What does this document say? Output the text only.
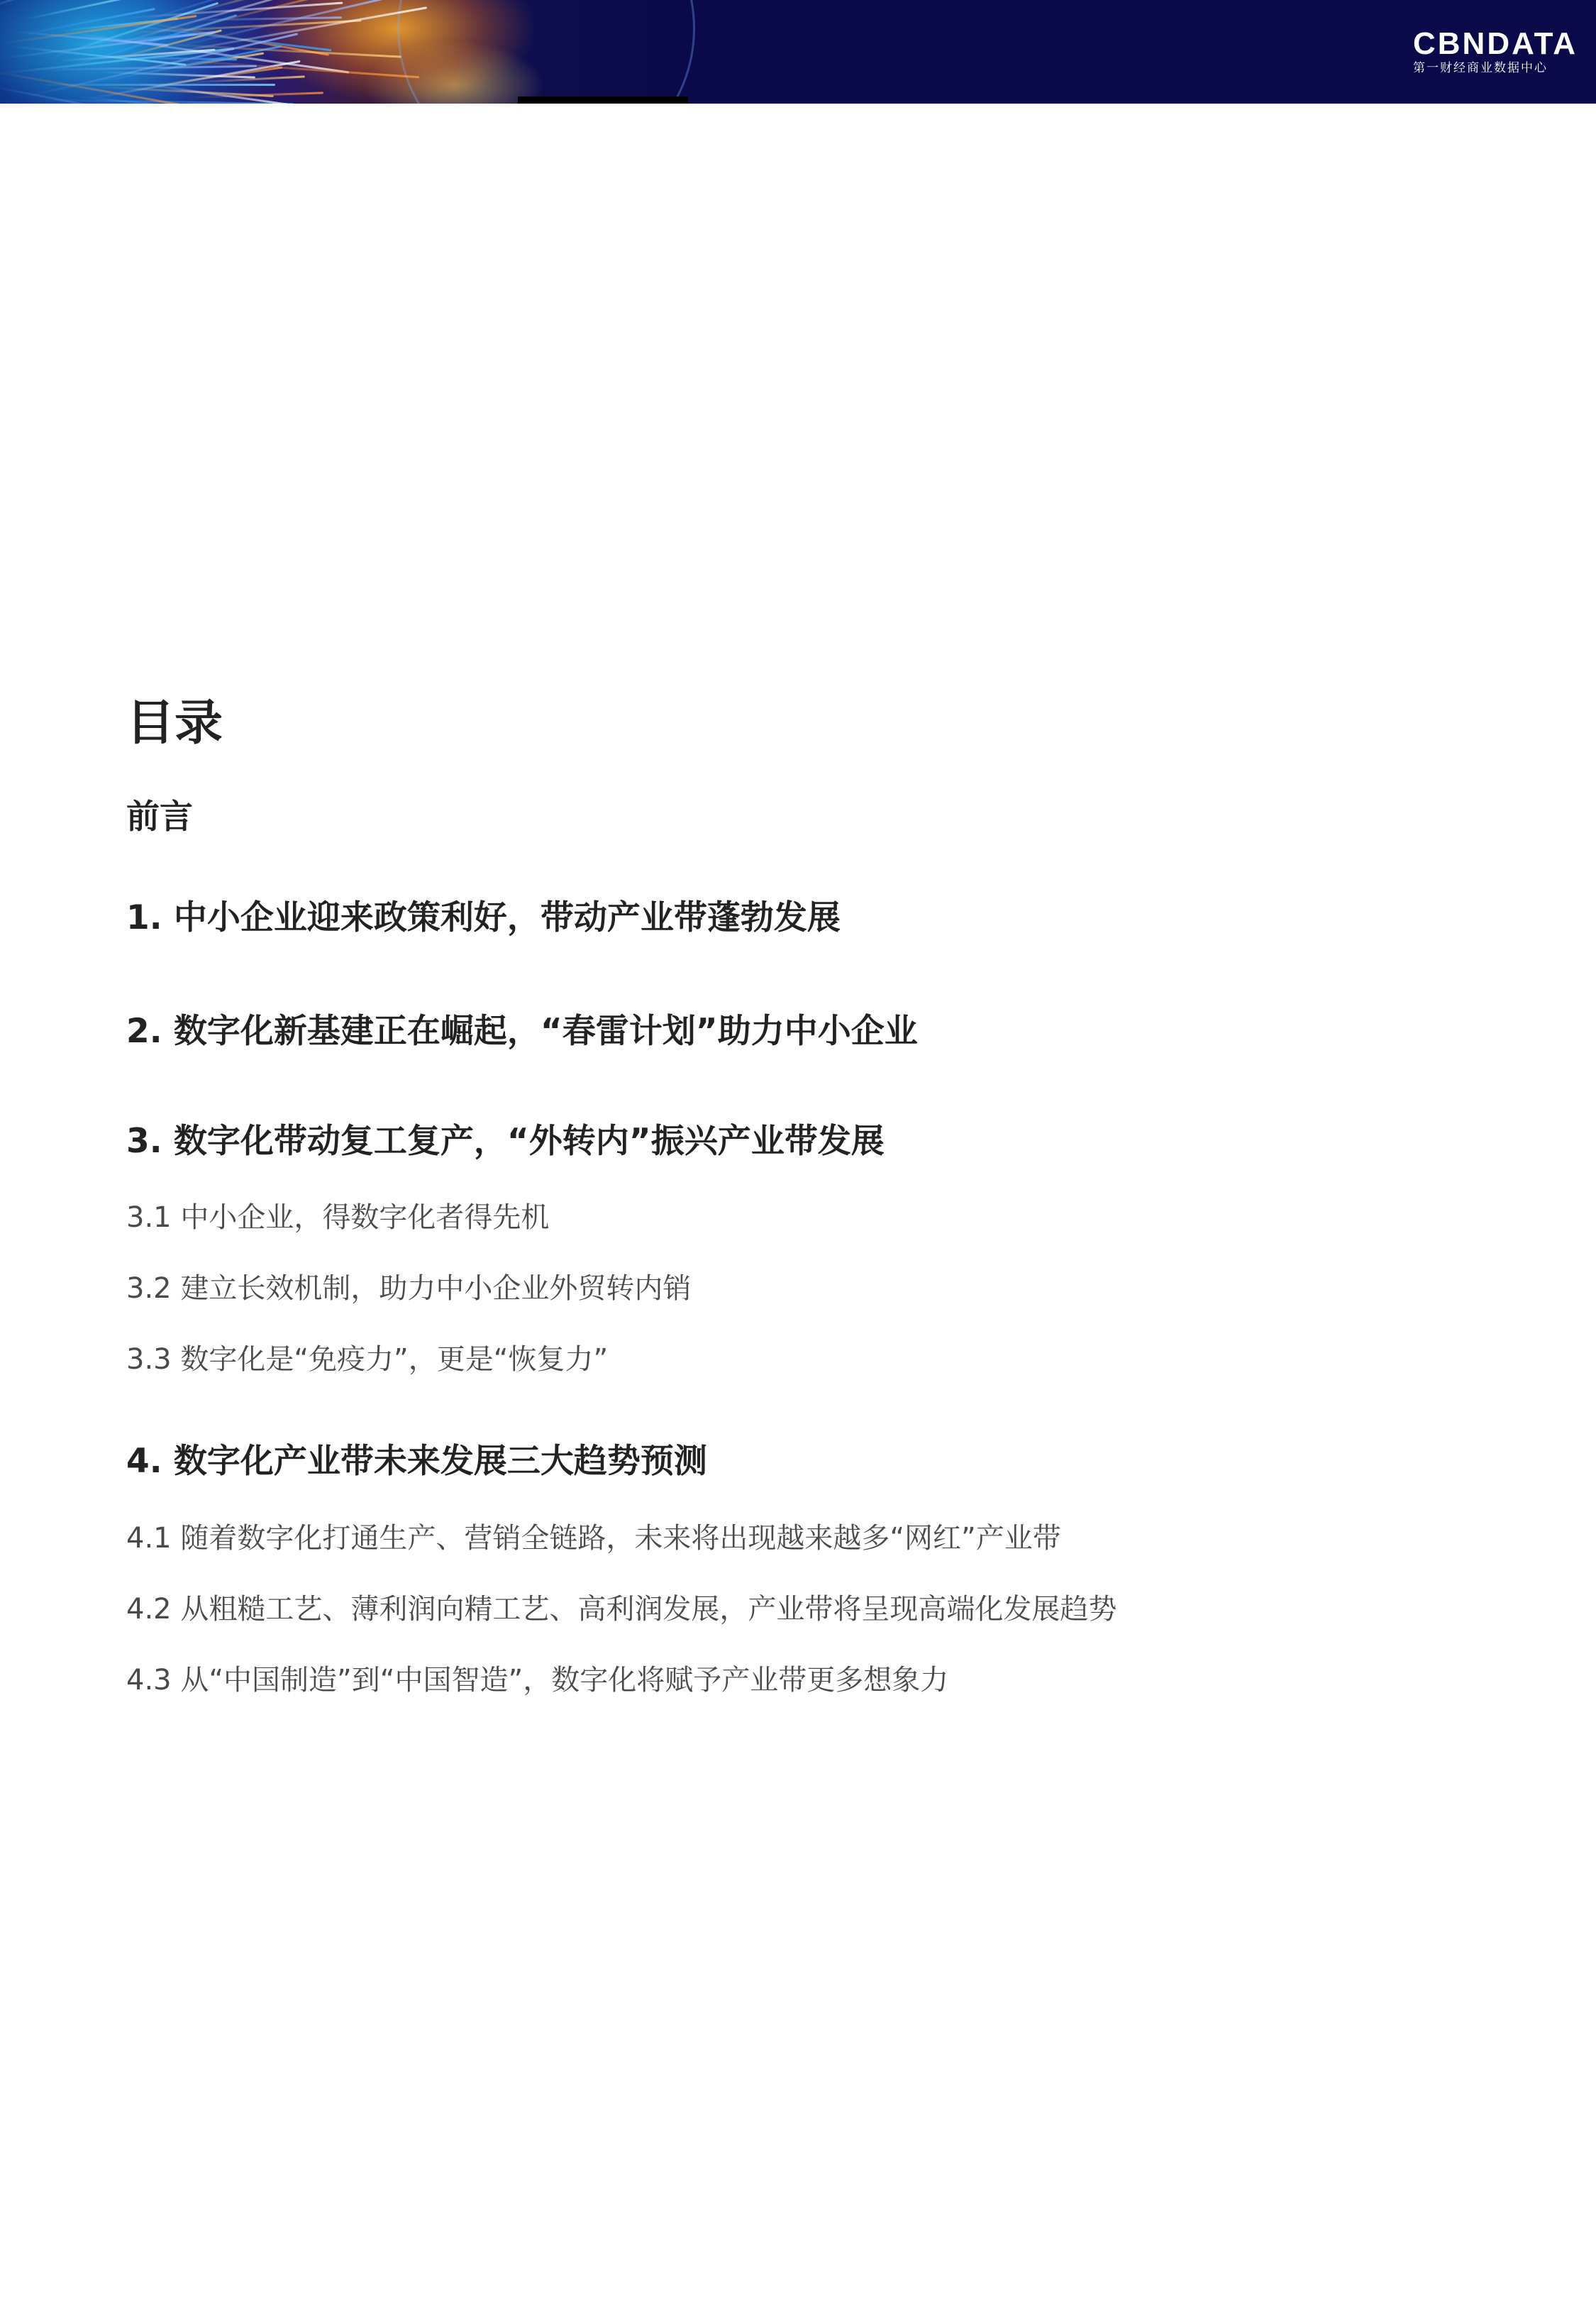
CBNDATA
第一财经商业数据中心
目录
前言
1. 中小企业迎来政策利好，带动产业带蓬勃发展
2. 数字化新基建正在崛起，“春雷计划”助力中小企业
3. 数字化带动复工复产，“外转内”振兴产业带发展
3.1 中小企业，得数字化者得先机
3.2 建立长效机制，助力中小企业外贸转内销
3.3 数字化是“免疫力”，更是“恢复力”
4. 数字化产业带未来发展三大趋势预测
4.1 随着数字化打通生产、营销全链路，未来将出现越来越多“网红”产业带
4.2 从粗糙工艺、薄利润向精工艺、高利润发展，产业带将呈现高端化发展趋势
4.3 从“中国制造”到“中国智造”，数字化将赋予产业带更多想象力
